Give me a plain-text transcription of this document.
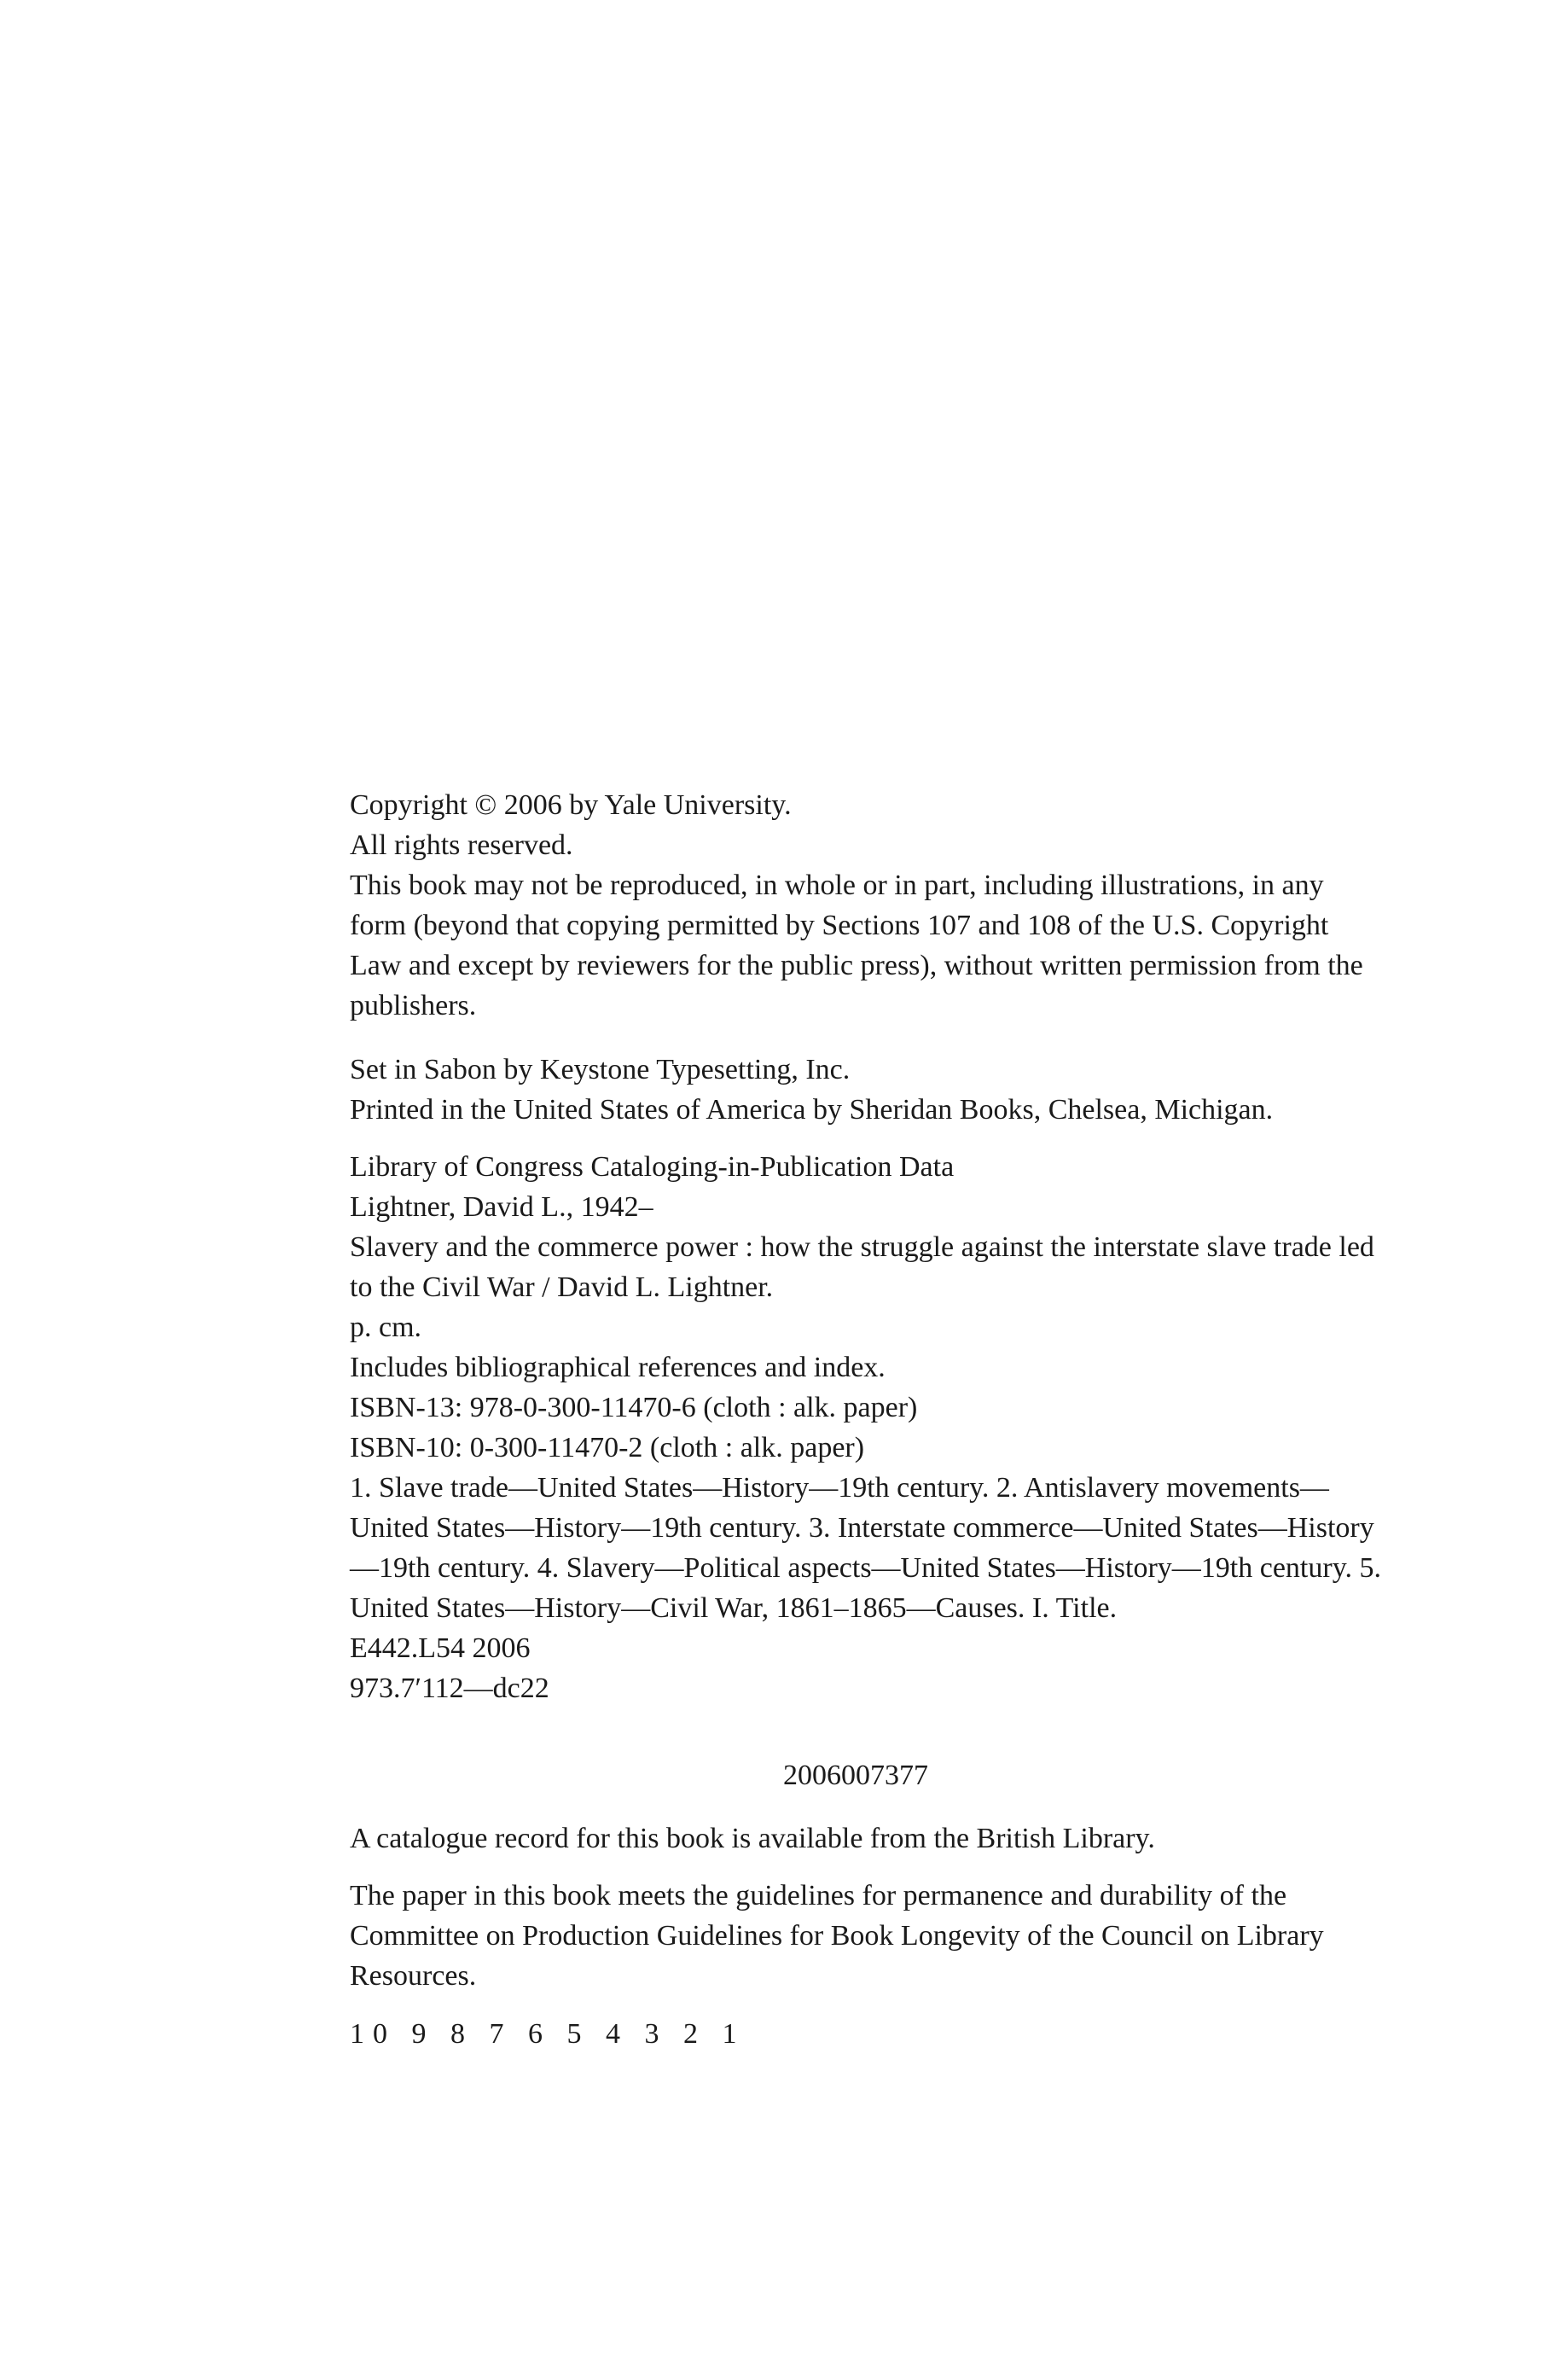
Copyright © 2006 by Yale University.
All rights reserved.
This book may not be reproduced, in whole or in part, including illustrations, in any form (beyond that copying permitted by Sections 107 and 108 of the U.S. Copyright Law and except by reviewers for the public press), without written permission from the publishers.
Set in Sabon by Keystone Typesetting, Inc.
Printed in the United States of America by Sheridan Books, Chelsea, Michigan.
Library of Congress Cataloging-in-Publication Data
Lightner, David L., 1942–
Slavery and the commerce power : how the struggle against the interstate slave trade led to the Civil War / David L. Lightner.
p. cm.
Includes bibliographical references and index.
ISBN-13: 978-0-300-11470-6 (cloth : alk. paper)
ISBN-10: 0-300-11470-2 (cloth : alk. paper)
1. Slave trade—United States—History—19th century. 2. Antislavery movements—United States—History—19th century. 3. Interstate commerce—United States—History—19th century. 4. Slavery—Political aspects—United States—History—19th century. 5. United States—History—Civil War, 1861–1865—Causes. I. Title.
E442.L54 2006
973.7′112—dc22
2006007377
A catalogue record for this book is available from the British Library.
The paper in this book meets the guidelines for permanence and durability of the Committee on Production Guidelines for Book Longevity of the Council on Library Resources.
10 9 8 7 6 5 4 3 2 1
